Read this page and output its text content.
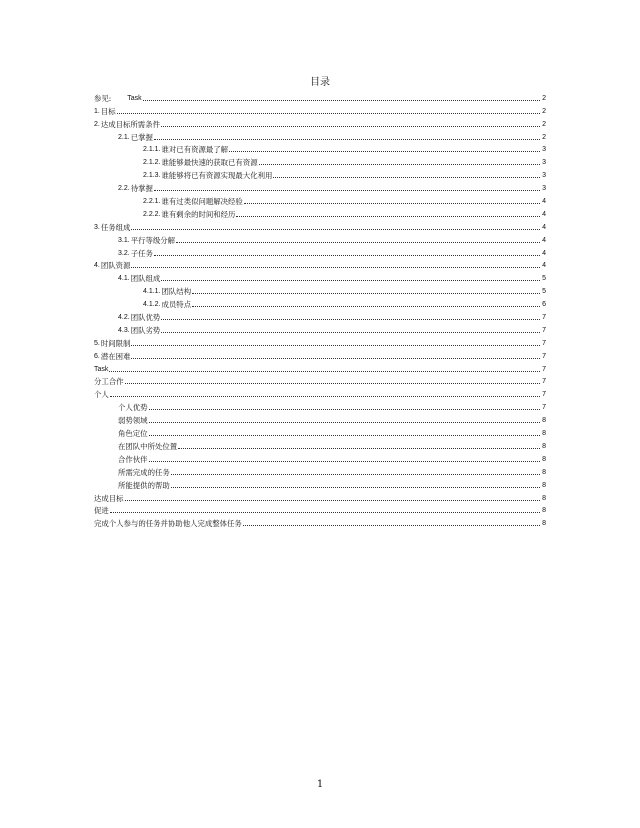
目录
参见: Task	2
1. 目标	2
2. 达成目标所需条件	2
2.1. 已掌握	2
2.1.1. 谁对已有资源最了解	3
2.1.2. 谁能够最快速的获取已有资源	3
2.1.3. 谁能够将已有资源实现最大化利用	3
2.2. 待掌握	3
2.2.1. 谁有过类似问题解决经验	4
2.2.2. 谁有剩余的时间和经历	4
3. 任务组成	4
3.1. 平行等级分解	4
3.2. 子任务	4
4. 团队资源	4
4.1. 团队组成	5
4.1.1. 团队结构	5
4.1.2. 成员特点	6
4.2. 团队优势	7
4.3. 团队劣势	7
5. 时间限制	7
6. 潜在困难	7
Task	7
分工合作	7
个人	7
个人优势	7
弱势领域	8
角色定位	8
在团队中所处位置	8
合作伙伴	8
所需完成的任务	8
所能提供的帮助	8
达成目标	8
促进	8
完成个人参与的任务并协助他人完成整体任务	8
1
